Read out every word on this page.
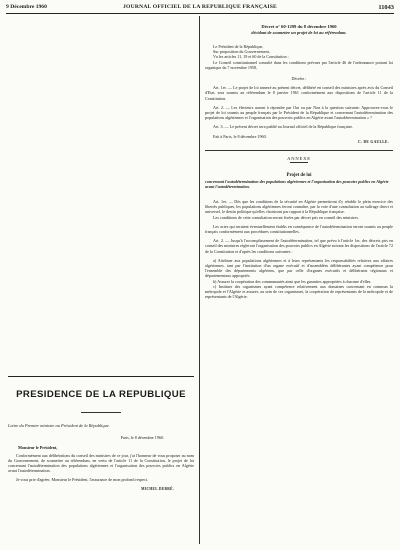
9 Décembre 1960	JOURNAL OFFICIEL DE LA REPUBLIQUE FRANÇAISE	11043
PRESIDENCE DE LA REPUBLIQUE
Lettre du Premier ministre au Président de la République.
Paris, le 8 décembre 1960.
Monsieur le Président,
Conformément aux délibérations du conseil des ministres de ce jour, j'ai l'honneur de vous proposer au nom du Gouvernement, de soumettre au référendum, en vertu de l'article 11 de la Constitution, le projet de loi concernant l'autodétermination des populations algériennes et l'organisation des pouvoirs publics en Algérie avant l'autodétermination.
Je vous prie d'agréer, Monsieur le Président, l'assurance de mon profond respect.
MICHEL DEBRÉ.
Décret n° 60-1299 du 8 décembre 1960
décidant de soumettre un projet de loi au référendum.
Le Président de la République,
Sur proposition du Gouvernement,
Vu les articles 11, 19 et 60 de la Constitution ;
Le Conseil constitutionnel consulté dans les conditions prévues par l'article 46 de l'ordonnance portant loi organique du 7 novembre 1958,
Décrète :
Art. 1er. — Le projet de loi annexé au présent décret, délibéré en conseil des ministres après avis du Conseil d'Etat, sera soumis au référendum le 8 janvier 1961 conformément aux dispositions de l'article 11 de la Constitution.
Art. 2. — Les électeurs auront à répondre par Oui ou par Non à la question suivante: Approuvez-vous le projet de loi soumis au peuple français par le Président de la République et concernant l'autodétermination des populations algériennes et l'organisation des pouvoirs publics en Algérie avant l'autodétermination » ?
Art. 3. — Le présent décret sera publié au Journal officiel de la République française.
Fait à Paris, le 8 décembre 1960.
C. DE GAULLE.
ANNEXE
Projet de loi
concernant l'autodétermination des populations algériennes et l'organisation des pouvoirs publics en Algérie avant l'autodétermination.
Art. 1er. — Dès que les conditions de la sécurité en Algérie permettront d'y rétablir le plein exercice des libertés publiques, les populations algériennes feront connaître, par la voie d'une consultation au suffrage direct et universel, le destin politique qu'elles choisiront par rapport à la République française.
Les conditions de cette consultation seront fixées par décret pris en conseil des ministres.
Les actes qui seraient éventuellement établis en conséquence de l'autodétermination seront soumis au peuple français conformément aux procédures constitutionnelles.
Art. 2. — Jusqu'à l'accomplissement de l'autodétermination, tel que prévu à l'article 1er, des décrets pris en conseil des ministres régleront l'organisation des pouvoirs publics en Algérie suivant les dispositions de l'article 72 de la Constitution et d'après les conditions suivantes :
a) Attribuer aux populations algériennes et à leurs représentants les responsabilités relatives aux affaires algériennes, tant par l'institution d'un organe exécutif et d'assemblées délibérantes ayant compétence pour l'ensemble des départements algériens, que par celle d'organes exécutifs et délibérants régionaux et départementaux appropriés.
b) Assurer la coopération des communautés ainsi que les garanties appropriées à chacune d'elles.
c) Instituer des organismes ayant compétence relativement aux domaines concernant en commun la métropole et l'Algérie et assurer, au sein de ces organismes, la coopération de représentants de la métropole et de représentants de l'Algérie.
